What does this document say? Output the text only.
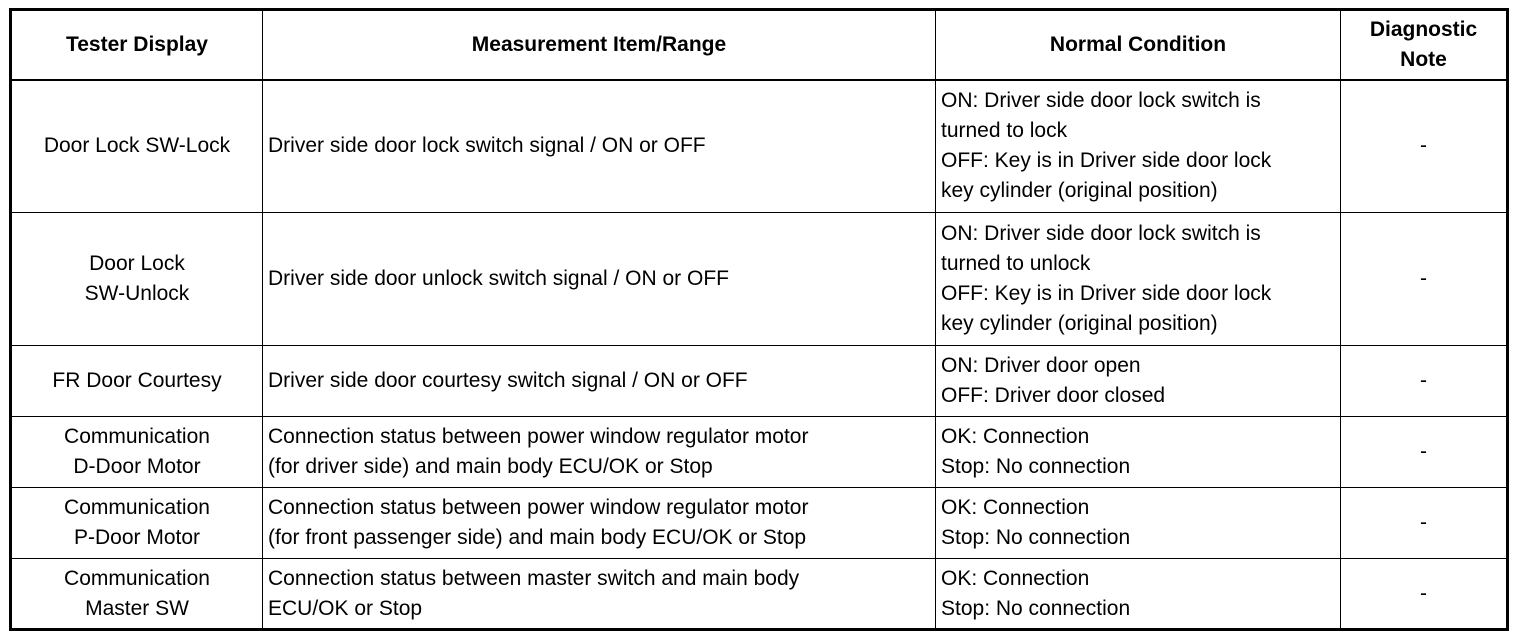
Tester Display	Measurement Item/Range	Normal Condition	Diagnostic
Note

Door Lock SW-Lock	Driver side door lock switch signal / ON or OFF	ON: Driver side door lock switch is
turned to lock
OFF: Key is in Driver side door lock
key cylinder (original position)	-

Door Lock
SW-Unlock	Driver side door unlock switch signal / ON or OFF	ON: Driver side door lock switch is
turned to unlock
OFF: Key is in Driver side door lock
key cylinder (original position)	-

FR Door Courtesy	Driver side door courtesy switch signal / ON or OFF	ON: Driver door open
OFF: Driver door closed	-

Communication
D-Door Motor	Connection status between power window regulator motor
(for driver side) and main body ECU/OK or Stop	OK: Connection
Stop: No connection	-

Communication
P-Door Motor	Connection status between power window regulator motor
(for front passenger side) and main body ECU/OK or Stop	OK: Connection
Stop: No connection	-

Communication
Master SW	Connection status between master switch and main body
ECU/OK or Stop	OK: Connection
Stop: No connection	-
